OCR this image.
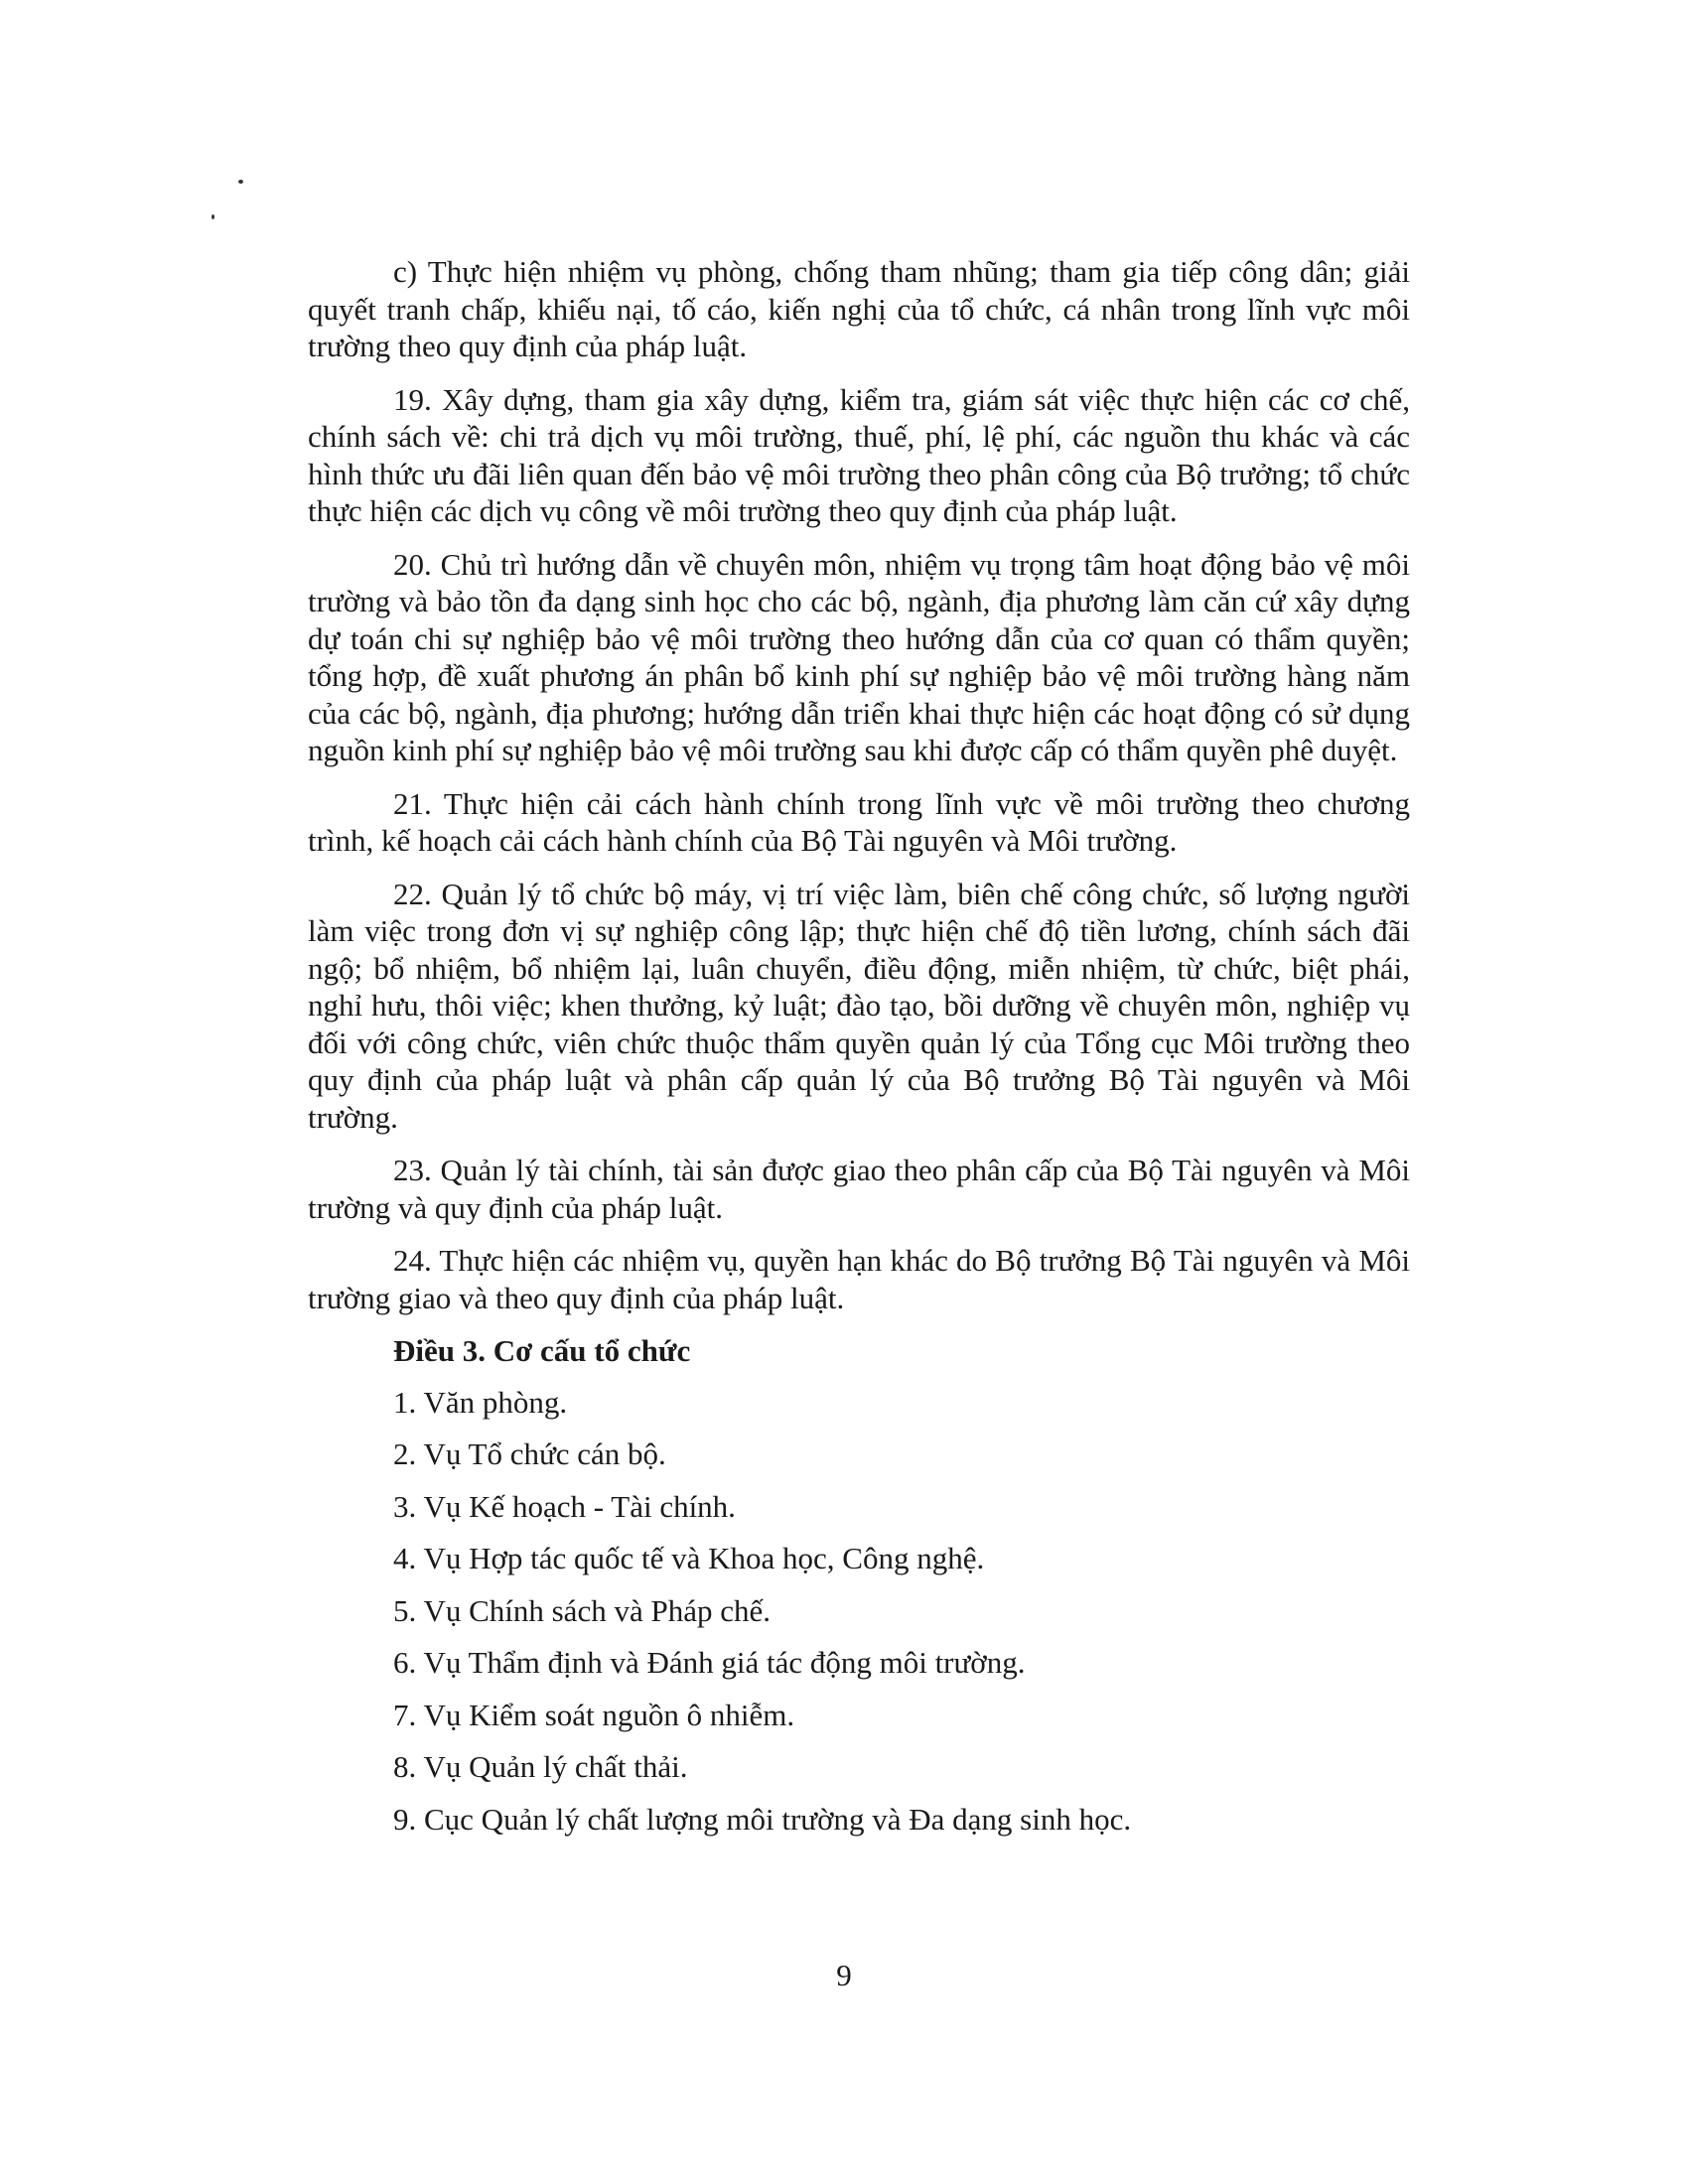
c) Thực hiện nhiệm vụ phòng, chống tham nhũng; tham gia tiếp công dân; giải quyết tranh chấp, khiếu nại, tố cáo, kiến nghị của tổ chức, cá nhân trong lĩnh vực môi trường theo quy định của pháp luật.

19. Xây dựng, tham gia xây dựng, kiểm tra, giám sát việc thực hiện các cơ chế, chính sách về: chi trả dịch vụ môi trường, thuế, phí, lệ phí, các nguồn thu khác và các hình thức ưu đãi liên quan đến bảo vệ môi trường theo phân công của Bộ trưởng; tổ chức thực hiện các dịch vụ công về môi trường theo quy định của pháp luật.

20. Chủ trì hướng dẫn về chuyên môn, nhiệm vụ trọng tâm hoạt động bảo vệ môi trường và bảo tồn đa dạng sinh học cho các bộ, ngành, địa phương làm căn cứ xây dựng dự toán chi sự nghiệp bảo vệ môi trường theo hướng dẫn của cơ quan có thẩm quyền; tổng hợp, đề xuất phương án phân bổ kinh phí sự nghiệp bảo vệ môi trường hàng năm của các bộ, ngành, địa phương; hướng dẫn triển khai thực hiện các hoạt động có sử dụng nguồn kinh phí sự nghiệp bảo vệ môi trường sau khi được cấp có thẩm quyền phê duyệt.

21. Thực hiện cải cách hành chính trong lĩnh vực về môi trường theo chương trình, kế hoạch cải cách hành chính của Bộ Tài nguyên và Môi trường.

22. Quản lý tổ chức bộ máy, vị trí việc làm, biên chế công chức, số lượng người làm việc trong đơn vị sự nghiệp công lập; thực hiện chế độ tiền lương, chính sách đãi ngộ; bổ nhiệm, bổ nhiệm lại, luân chuyển, điều động, miễn nhiệm, từ chức, biệt phái, nghỉ hưu, thôi việc; khen thưởng, kỷ luật; đào tạo, bồi dưỡng về chuyên môn, nghiệp vụ đối với công chức, viên chức thuộc thẩm quyền quản lý của Tổng cục Môi trường theo quy định của pháp luật và phân cấp quản lý của Bộ trưởng Bộ Tài nguyên và Môi trường.

23. Quản lý tài chính, tài sản được giao theo phân cấp của Bộ Tài nguyên và Môi trường và quy định của pháp luật.

24. Thực hiện các nhiệm vụ, quyền hạn khác do Bộ trưởng Bộ Tài nguyên và Môi trường giao và theo quy định của pháp luật.

Điều 3. Cơ cấu tổ chức

1. Văn phòng.

2. Vụ Tổ chức cán bộ.

3. Vụ Kế hoạch - Tài chính.

4. Vụ Hợp tác quốc tế và Khoa học, Công nghệ.

5. Vụ Chính sách và Pháp chế.

6. Vụ Thẩm định và Đánh giá tác động môi trường.

7. Vụ Kiểm soát nguồn ô nhiễm.

8. Vụ Quản lý chất thải.

9. Cục Quản lý chất lượng môi trường và Đa dạng sinh học.

9
